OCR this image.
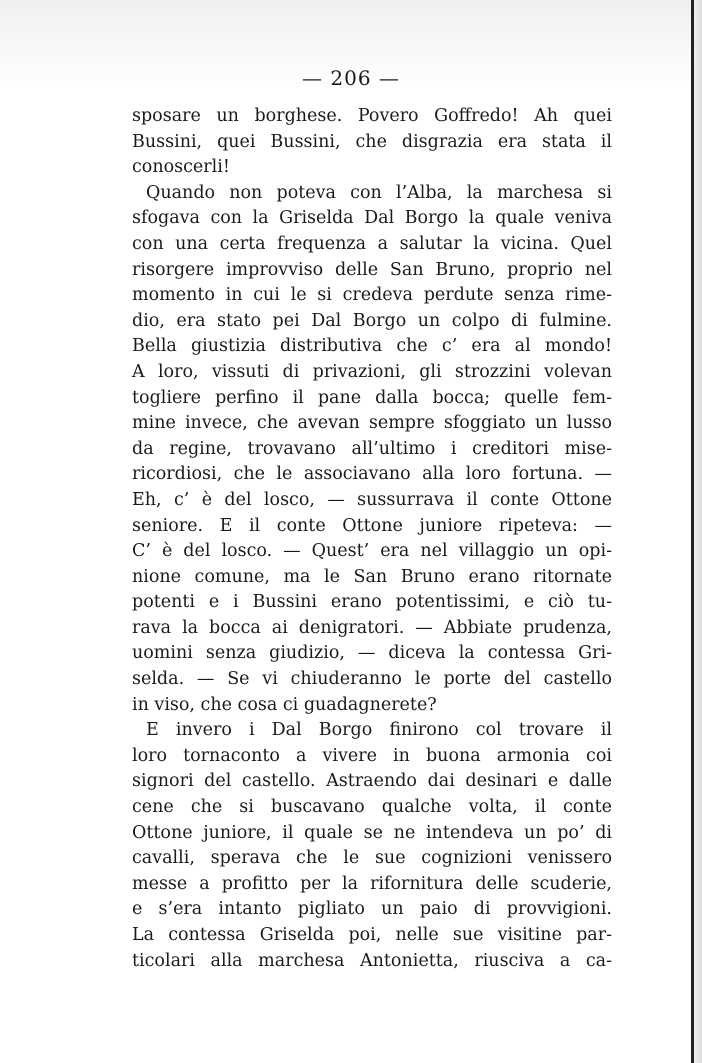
— 206 —
sposare un borghese. Povero Goffredo! Ah quei
Bussini, quei Bussini, che disgrazia era stata il
conoscerli!
Quando non poteva con l’Alba, la marchesa si
sfogava con la Griselda Dal Borgo la quale veniva
con una certa frequenza a salutar la vicina. Quel
risorgere improvviso delle San Bruno, proprio nel
momento in cui le si credeva perdute senza rime-
dio, era stato pei Dal Borgo un colpo di fulmine.
Bella giustizia distributiva che c’ era al mondo!
A loro, vissuti di privazioni, gli strozzini volevan
togliere perfino il pane dalla bocca; quelle fem-
mine invece, che avevan sempre sfoggiato un lusso
da regine, trovavano all’ultimo i creditori mise-
ricordiosi, che le associavano alla loro fortuna. —
Eh, c’ è del losco, — sussurrava il conte Ottone
seniore. E il conte Ottone juniore ripeteva: —
C’ è del losco. — Quest’ era nel villaggio un opi-
nione comune, ma le San Bruno erano ritornate
potenti e i Bussini erano potentissimi, e ciò tu-
rava la bocca ai denigratori. — Abbiate prudenza,
uomini senza giudizio, — diceva la contessa Gri-
selda. — Se vi chiuderanno le porte del castello
in viso, che cosa ci guadagnerete?
E invero i Dal Borgo finirono col trovare il
loro tornaconto a vivere in buona armonia coi
signori del castello. Astraendo dai desinari e dalle
cene che si buscavano qualche volta, il conte
Ottone juniore, il quale se ne intendeva un po’ di
cavalli, sperava che le sue cognizioni venissero
messe a profitto per la rifornitura delle scuderie,
e s’era intanto pigliato un paio di provvigioni.
La contessa Griselda poi, nelle sue visitine par-
ticolari alla marchesa Antonietta, riusciva a ca-
